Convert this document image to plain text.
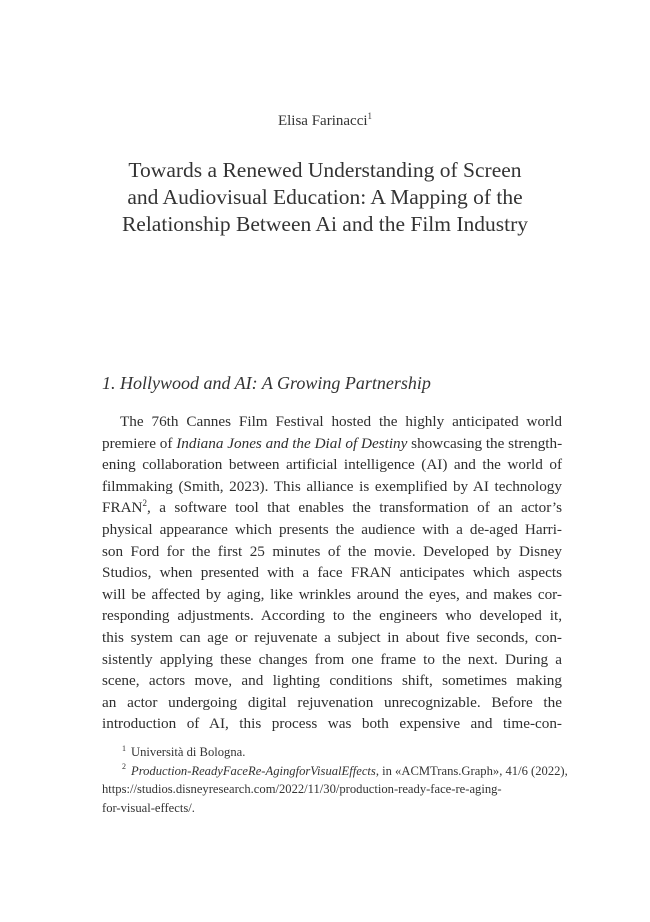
Elisa Farinacci$^1$
Towards a Renewed Understanding of Screen
and Audiovisual Education: A Mapping of the
Relationship Between Ai and the Film Industry
1. Hollywood and AI: A Growing Partnership
The 76th Cannes Film Festival hosted the highly anticipated world
premiere of Indiana Jones and the Dial of Destiny showcasing the strength-
ening collaboration between artificial intelligence (AI) and the world of
filmmaking (Smith, 2023). This alliance is exemplified by AI technology
FRAN$^2$, a software tool that enables the transformation of an actor’s
physical appearance which presents the audience with a de-aged Harri-
son Ford for the first 25 minutes of the movie. Developed by Disney
Studios, when presented with a face FRAN anticipates which aspects
will be affected by aging, like wrinkles around the eyes, and makes cor-
responding adjustments. According to the engineers who developed it,
this system can age or rejuvenate a subject in about five seconds, con-
sistently applying these changes from one frame to the next. During a
scene, actors move, and lighting conditions shift, sometimes making
an actor undergoing digital rejuvenation unrecognizable. Before the
introduction of AI, this process was both expensive and time-con-
$^1$ Università di Bologna.
$^2$ Production-ReadyFaceRe-AgingforVisualEffects, in «ACMTrans.Graph», 41/6 (2022),
https://studios.disneyresearch.com/2022/11/30/production-ready-face-re-aging-
for-visual-effects/.
